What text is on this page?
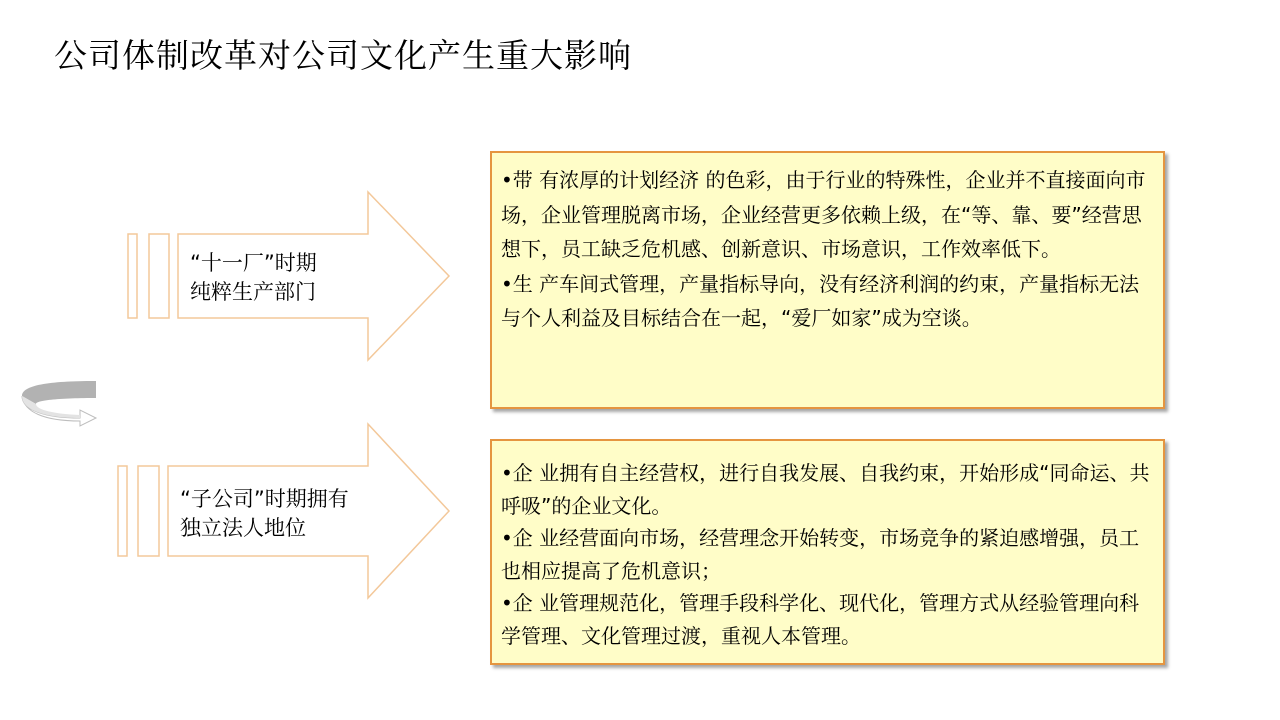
公司体制改革对公司文化产生重大影响
“十一厂”时期
纯粹生产部门
“子公司”时期拥有
独立法人地位
•带 有浓厚的计划经济 的色彩，由于行业的特殊性，企业并不直接面向市场，企业管理脱离市场，企业经营更多依赖上级，在“等、靠、要”经营思想下，员工缺乏危机感、创新意识、市场意识，工作效率低下。
•生 产车间式管理，产量指标导向，没有经济利润的约束，产量指标无法与个人利益及目标结合在一起，“爱厂如家”成为空谈。
•企 业拥有自主经营权，进行自我发展、自我约束，开始形成“同命运、共呼吸”的企业文化。
•企 业经营面向市场，经营理念开始转变，市场竞争的紧迫感增强，员工也相应提高了危机意识；
•企 业管理规范化，管理手段科学化、现代化，管理方式从经验管理向科学管理、文化管理过渡，重视人本管理。
